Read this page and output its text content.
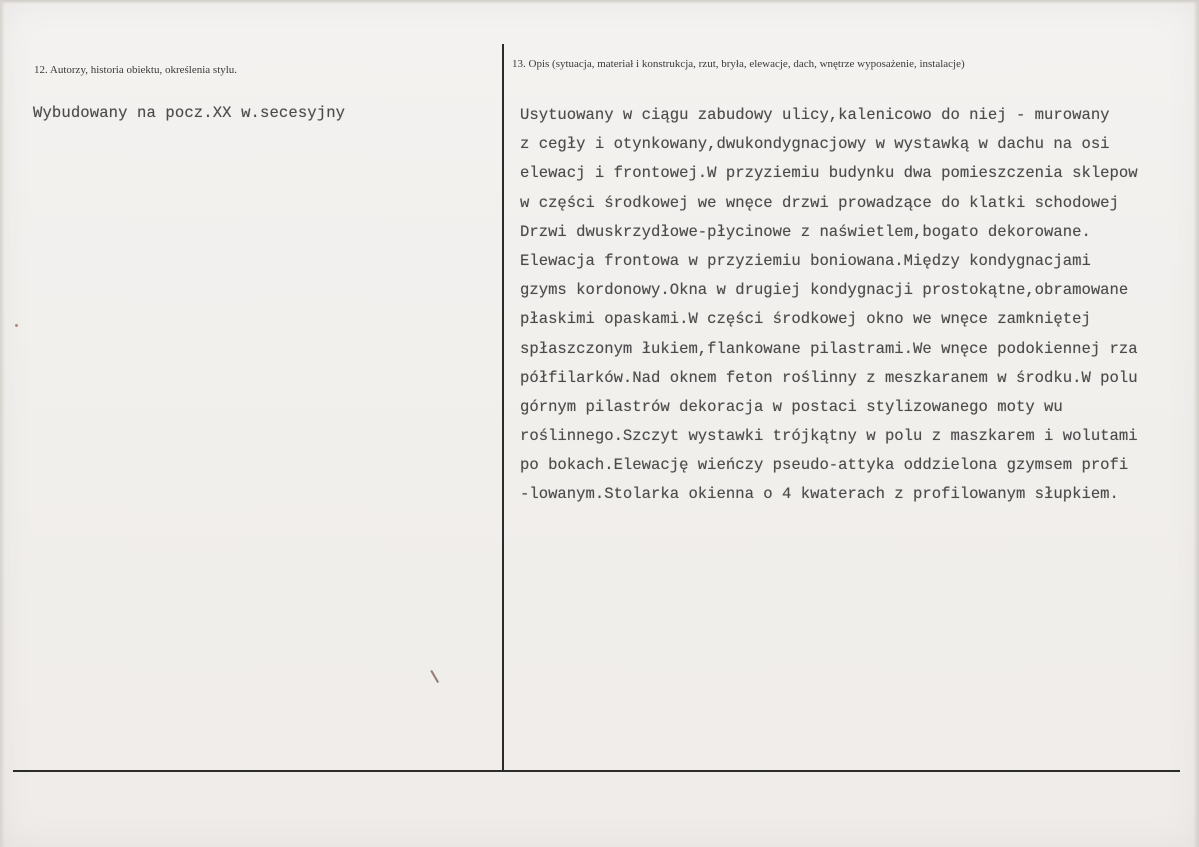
12. Autorzy, historia obiektu, określenia stylu.
Wybudowany na pocz.XX w.secesyjny
13. Opis (sytuacja, materiał i konstrukcja, rzut, bryła, elewacje, dach, wnętrze wyposażenie, instalacje)
Usytuowany w ciągu zabudowy ulicy,kalenicowo do niej - murowany
z cegły i otynkowany,dwukondygnacjowy w wystawką w dachu na osi
elewacj i frontowej.W przyziemiu budynku dwa pomieszczenia sklepow
w części środkowej we wnęce drzwi prowadzące do klatki schodowej
Drzwi dwuskrzydłowe-płycinowe z naświetlem,bogato dekorowane.
Elewacja frontowa w przyziemiu boniowana.Między kondygnacjami
gzyms kordonowy.Okna w drugiej kondygnacji prostokątne,obramowane
płaskimi opaskami.W części środkowej okno we wnęce zamkniętej
spłaszczonym łukiem,flankowane pilastrami.We wnęce podokiennej rza
półfilarków.Nad oknem feton roślinny z meszkaranem w środku.W polu
górnym pilastrów dekoracja w postaci stylizowanego moty wu
roślinnego.Szczyt wystawki trójkątny w polu z maszkarem i wolutami
po bokach.Elewację wieńczy pseudo-attyka oddzielona gzymsem profi
-lowanym.Stolarka okienna o 4 kwaterach z profilowanym słupkiem.
